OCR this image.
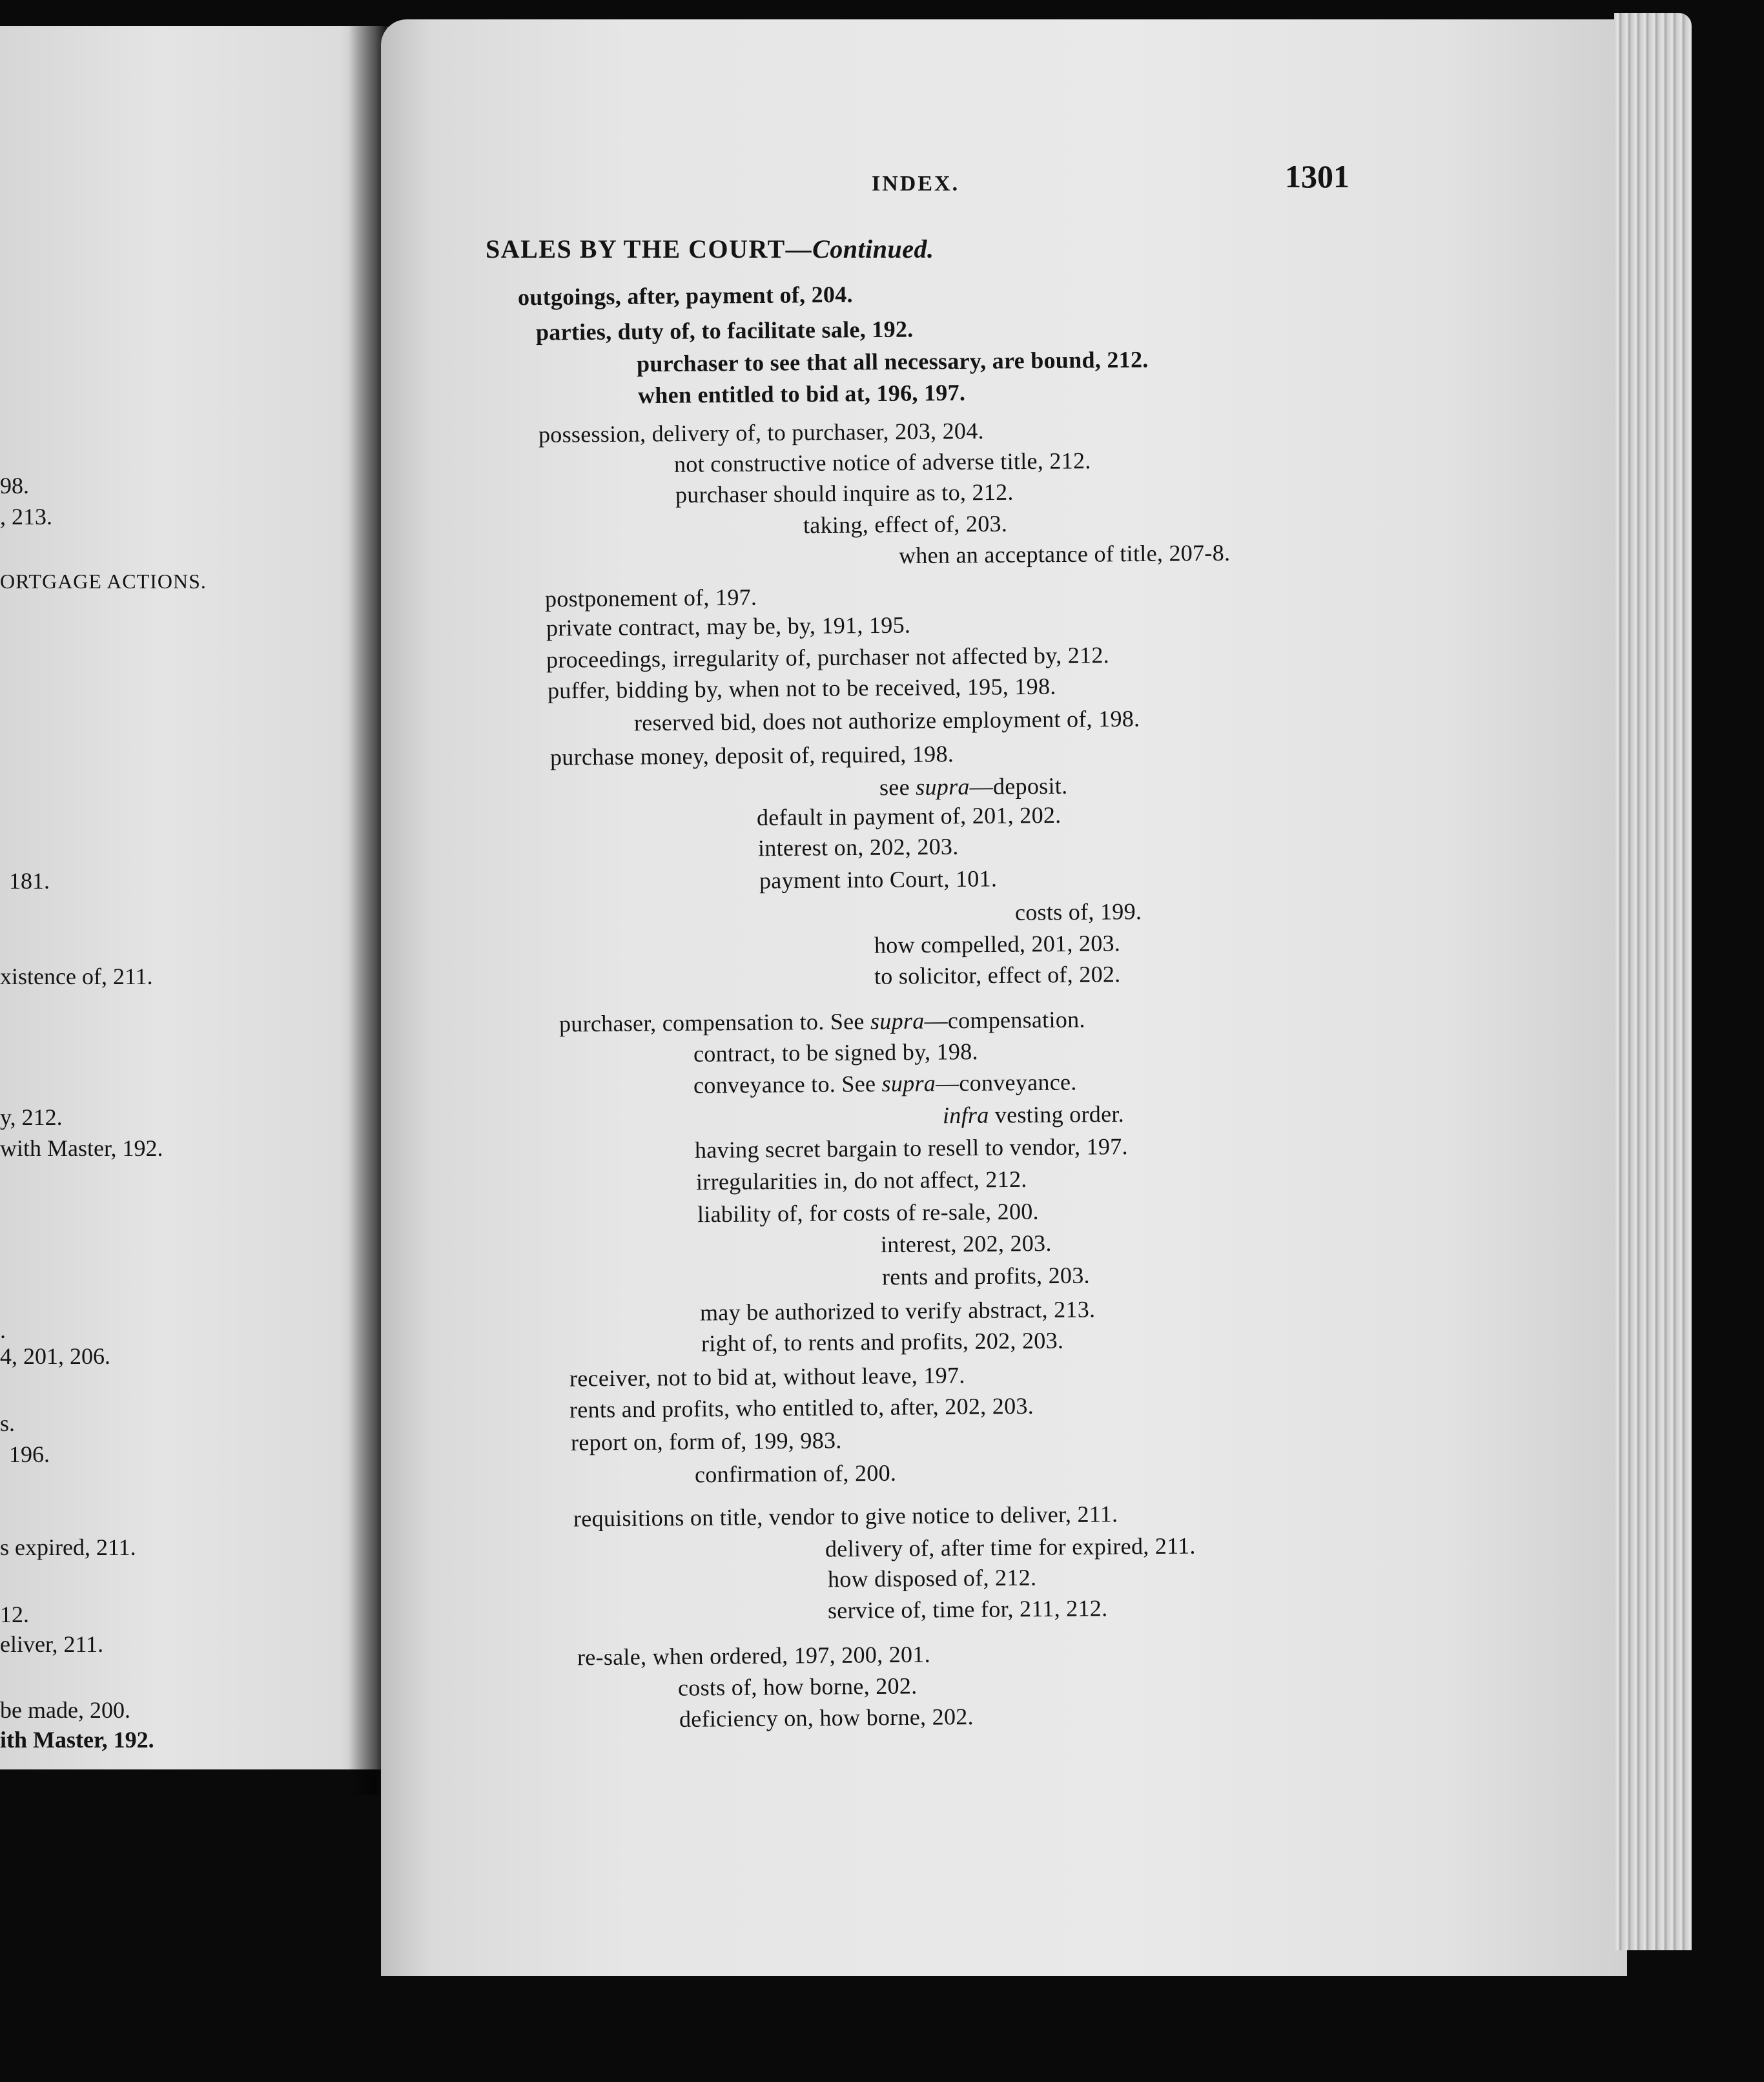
98.
, 213.
ORTGAGE ACTIONS.
181.
xistence of, 211.
y, 212.
with Master, 192.
.
4, 201, 206.
s.
196.
s expired, 211.
12.
eliver, 211.
be made, 200.
ith Master, 192.
INDEX.	1301
SALES BY THE COURT—Continued.
outgoings, after, payment of, 204.
parties, duty of, to facilitate sale, 192.
purchaser to see that all necessary, are bound, 212.
when entitled to bid at, 196, 197.
possession, delivery of, to purchaser, 203, 204.
not constructive notice of adverse title, 212.
purchaser should inquire as to, 212.
taking, effect of, 203.
when an acceptance of title, 207-8.
postponement of, 197.
private contract, may be, by, 191, 195.
proceedings, irregularity of, purchaser not affected by, 212.
puffer, bidding by, when not to be received, 195, 198.
reserved bid, does not authorize employment of, 198.
purchase money, deposit of, required, 198.
see supra—deposit.
default in payment of, 201, 202.
interest on, 202, 203.
payment into Court, 101.
costs of, 199.
how compelled, 201, 203.
to solicitor, effect of, 202.
purchaser, compensation to. See supra—compensation.
contract, to be signed by, 198.
conveyance to. See supra—conveyance.
infra vesting order.
having secret bargain to resell to vendor, 197.
irregularities in, do not affect, 212.
liability of, for costs of re-sale, 200.
interest, 202, 203.
rents and profits, 203.
may be authorized to verify abstract, 213.
right of, to rents and profits, 202, 203.
receiver, not to bid at, without leave, 197.
rents and profits, who entitled to, after, 202, 203.
report on, form of, 199, 983.
confirmation of, 200.
requisitions on title, vendor to give notice to deliver, 211.
delivery of, after time for expired, 211.
how disposed of, 212.
service of, time for, 211, 212.
re-sale, when ordered, 197, 200, 201.
costs of, how borne, 202.
deficiency on, how borne, 202.
